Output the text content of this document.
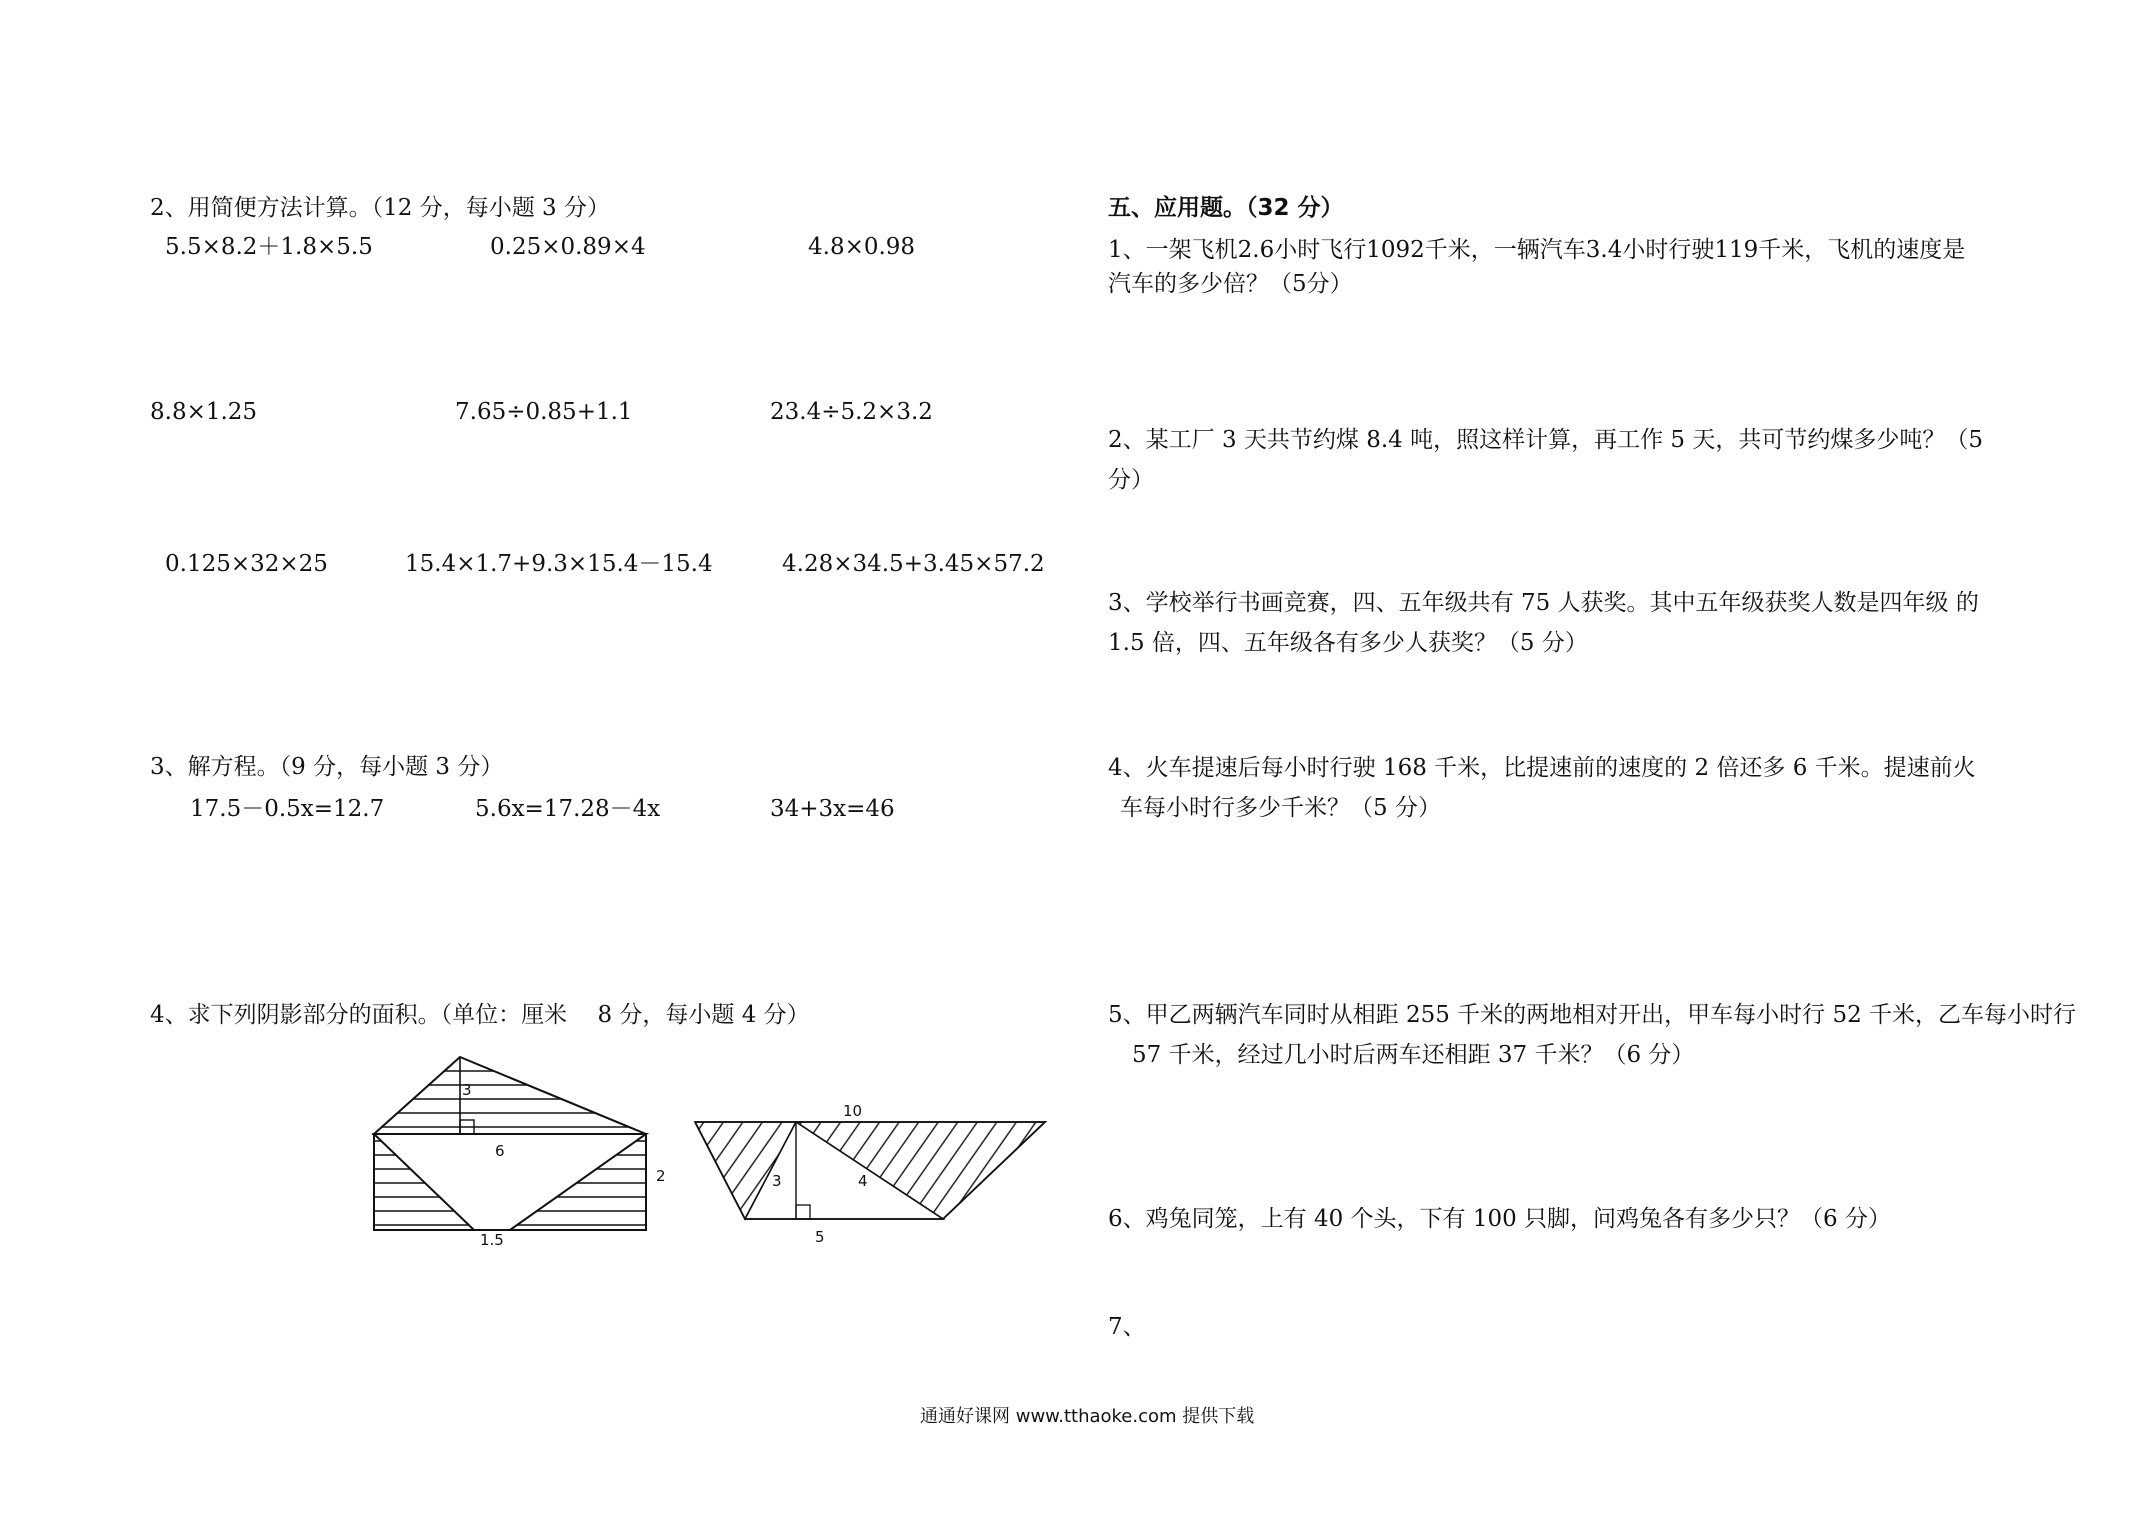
2、用简便方法计算。（12 分，每小题 3 分）
5.5×8.2＋1.8×5.5	0.25×0.89×4	4.8×0.98
8.8×1.25	7.65÷0.85+1.1	23.4÷5.2×3.2
0.125×32×25	15.4×1.7+9.3×15.4－15.4	4.28×34.5+3.45×57.2
3、解方程。（9 分，每小题 3 分）
17.5－0.5x=12.7	5.6x=17.28－4x	34+3x=46
4、求下列阴影部分的面积。（单位：厘米　 8 分，每小题 4 分）
3
6
2
1.5
10
3	4
5
五、应用题。（32 分）
1、一架飞机2.6小时飞行1092千米，一辆汽车3.4小时行驶119千米，飞机的速度是
汽车的多少倍？（5分）
2、某工厂 3 天共节约煤 8.4 吨，照这样计算，再工作 5 天，共可节约煤多少吨？（5
分）
3、学校举行书画竞赛，四、五年级共有 75 人获奖。其中五年级获奖人数是四年级 的
1.5 倍，四、五年级各有多少人获奖？（5 分）
4、火车提速后每小时行驶 168 千米，比提速前的速度的 2 倍还多 6 千米。提速前火
车每小时行多少千米？（5 分）
5、甲乙两辆汽车同时从相距 255 千米的两地相对开出，甲车每小时行 52 千米，乙车每小时行
57 千米，经过几小时后两车还相距 37 千米？（6 分）
6、鸡兔同笼，上有 40 个头，下有 100 只脚，问鸡兔各有多少只？（6 分）
7、
通通好课网 www.tthaoke.com 提供下载
